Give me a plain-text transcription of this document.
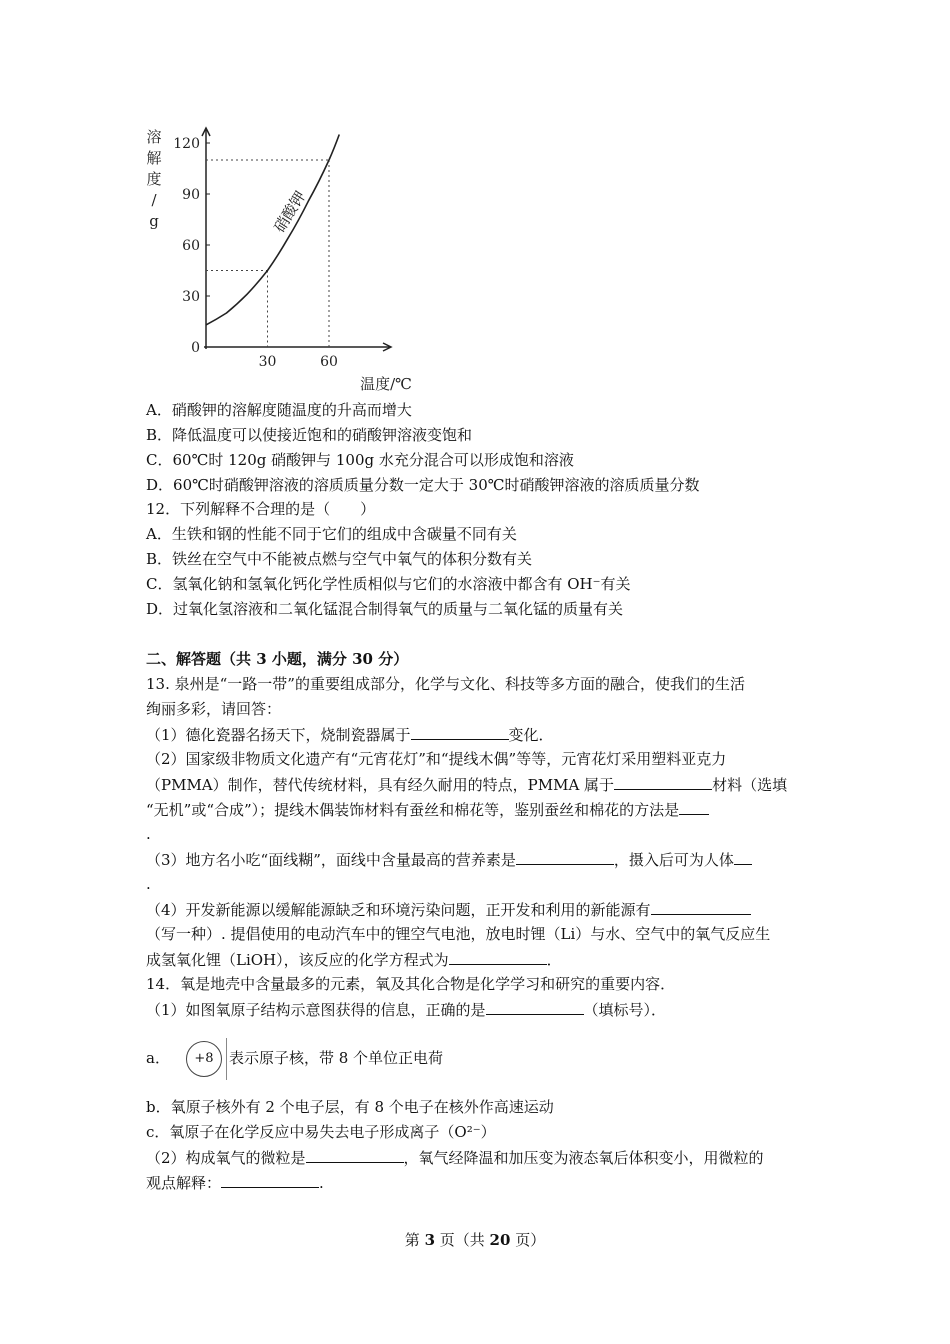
120
90
60
30
0
30	60
溶
解
度
/
g
温度/℃
硝酸钾
A．硝酸钾的溶解度随温度的升高而增大
B．降低温度可以使接近饱和的硝酸钾溶液变饱和
C．60℃时 120g 硝酸钾与 100g 水充分混合可以形成饱和溶液
D．60℃时硝酸钾溶液的溶质质量分数一定大于 30℃时硝酸钾溶液的溶质质量分数
12．下列解释不合理的是（　　）
A．生铁和钢的性能不同于它们的组成中含碳量不同有关
B．铁丝在空气中不能被点燃与空气中氧气的体积分数有关
C．氢氧化钠和氢氧化钙化学性质相似与它们的水溶液中都含有 OH⁻有关
D．过氧化氢溶液和二氧化锰混合制得氧气的质量与二氧化锰的质量有关
二、解答题（共 3 小题，满分 30 分）
13. 泉州是“一路一带”的重要组成部分，化学与文化、科技等多方面的融合，使我们的生活
绚丽多彩，请回答：
（1）德化瓷器名扬天下，烧制瓷器属于	变化．
（2）国家级非物质文化遗产有“元宵花灯”和“提线木偶”等等，元宵花灯采用塑料亚克力
（PMMA）制作，替代传统材料，具有经久耐用的特点，PMMA 属于	材料（选填
“无机”或“合成”）；提线木偶装饰材料有蚕丝和棉花等，鉴别蚕丝和棉花的方法是
.
（3）地方名小吃“面线糊”，面线中含量最高的营养素是	，摄入后可为人体
.
（4）开发新能源以缓解能源缺乏和环境污染问题，正开发和利用的新能源有
（写一种）. 提倡使用的电动汽车中的锂空气电池，放电时锂（Li）与水、空气中的氧气反应生
成氢氧化锂（LiOH），该反应的化学方程式为	．
14．氧是地壳中含量最多的元素，氧及其化合物是化学学习和研究的重要内容．
（1）如图氧原子结构示意图获得的信息，正确的是	（填标号）．
a． +8 表示原子核，带 8 个单位正电荷
b．氧原子核外有 2 个电子层，有 8 个电子在核外作高速运动
c．氧原子在化学反应中易失去电子形成离子（O²⁻）
（2）构成氧气的微粒是	，氧气经降温和加压变为液态氧后体积变小，用微粒的
观点解释：	.
第 3 页（共 20 页）
